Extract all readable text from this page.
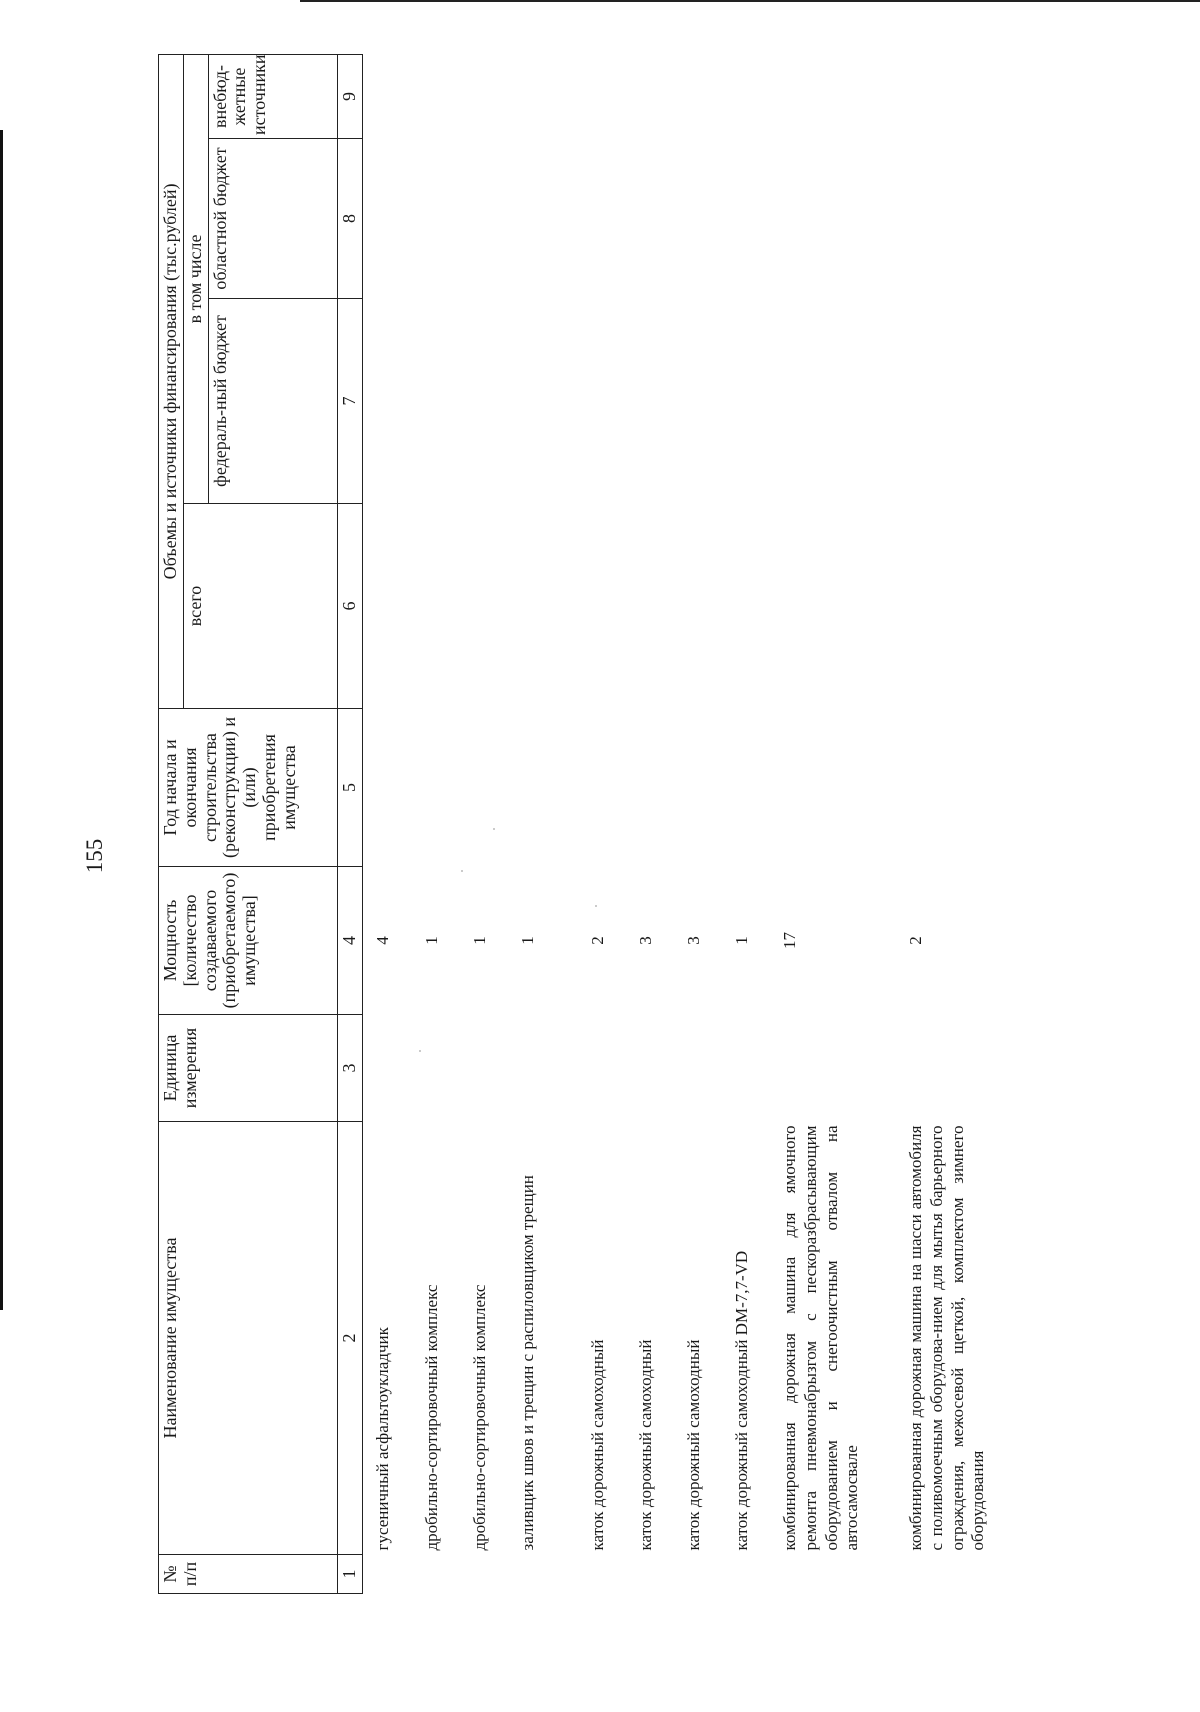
155
№ п/п	Наименование имущества	Единица измерения	Мощность [количество создаваемого (приобретаемого) имущества]	Год начала и окончания строительства (реконструкции) и (или) приобретения имущества	Объемы и источники финансирования (тыс.рублей)			
					всего	в том числе		
						федераль-ный бюджет	областной бюджет	внебюд-жетные источники
1	2	3	4	5	6	7	8	9
	гусеничный асфальтоукладчик		4					
	дробильно-сортировочный комплекс		1					
	дробильно-сортировочный комплекс		1					
	заливщик швов и трещин с распиловщиком трещин		1					
	каток дорожный самоходный		2					
	каток дорожный самоходный		3					
	каток дорожный самоходный		3					
	каток дорожный самоходный DM-7,7-VD		1					
	комбинированная дорожная машина для ямочного ремонта пневмонабрызгом с пескоразбрасывающим оборудованием и снегоочистным отвалом на автосамосвале		17					
	комбинированная дорожная машина на шасси автомобиля с поливомоечным оборудова-нием для мытья барьерного ограждения, межосевой щеткой, комплектом зимнего оборудования		2					
